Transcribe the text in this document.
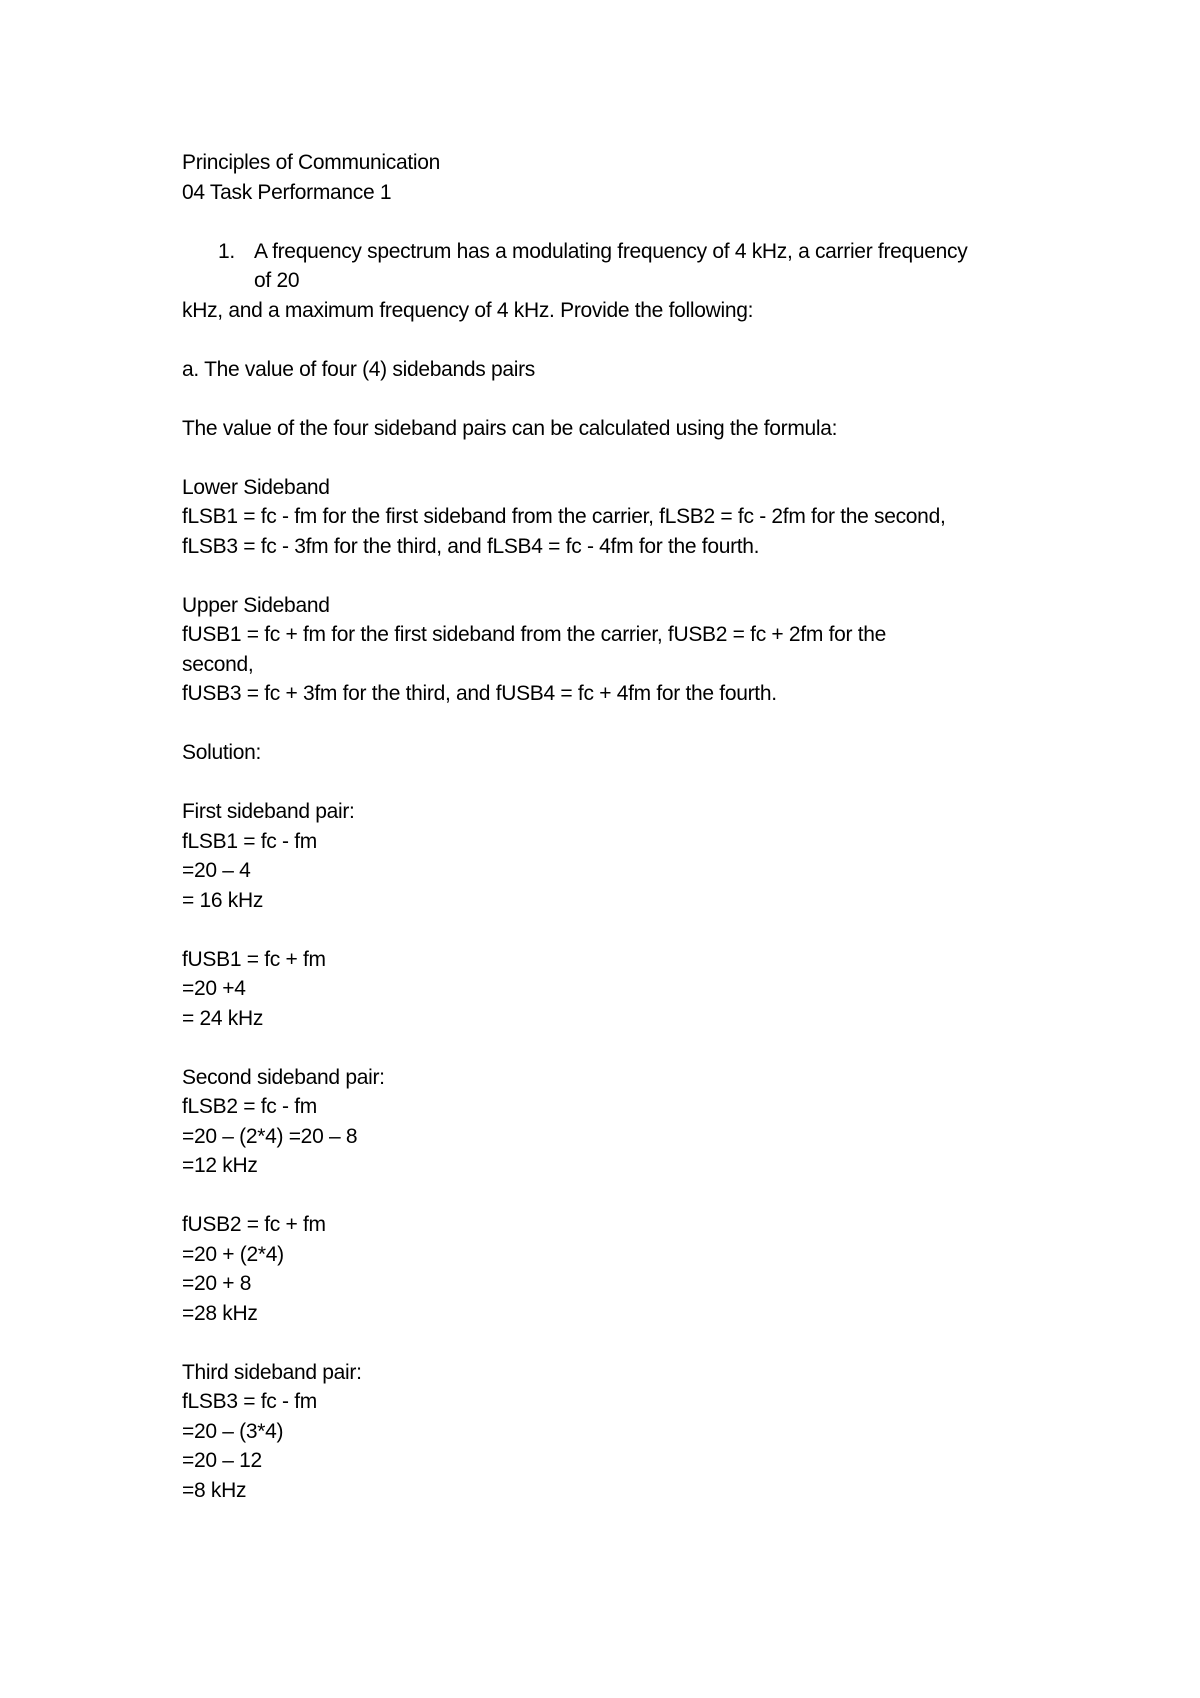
Principles of Communication
04 Task Performance 1
1. A frequency spectrum has a modulating frequency of 4 kHz, a carrier frequency of 20
kHz, and a maximum frequency of 4 kHz. Provide the following:
a. The value of four (4) sidebands pairs
The value of the four sideband pairs can be calculated using the formula:
Lower Sideband
fLSB1 = fc - fm for the first sideband from the carrier, fLSB2 = fc - 2fm for the second,
fLSB3 = fc - 3fm for the third, and fLSB4 = fc - 4fm for the fourth.
Upper Sideband
fUSB1 = fc + fm for the first sideband from the carrier, fUSB2 = fc + 2fm for the
second,
fUSB3 = fc + 3fm for the third, and fUSB4 = fc + 4fm for the fourth.
Solution:
First sideband pair:
fLSB1 = fc - fm
=20 – 4
= 16 kHz
fUSB1 = fc + fm
=20 +4
= 24 kHz
Second sideband pair:
fLSB2 = fc - fm
=20 – (2*4) =20 – 8
=12 kHz
fUSB2 = fc + fm
=20 + (2*4)
=20 + 8
=28 kHz
Third sideband pair:
fLSB3 = fc - fm
=20 – (3*4)
=20 – 12
=8 kHz
